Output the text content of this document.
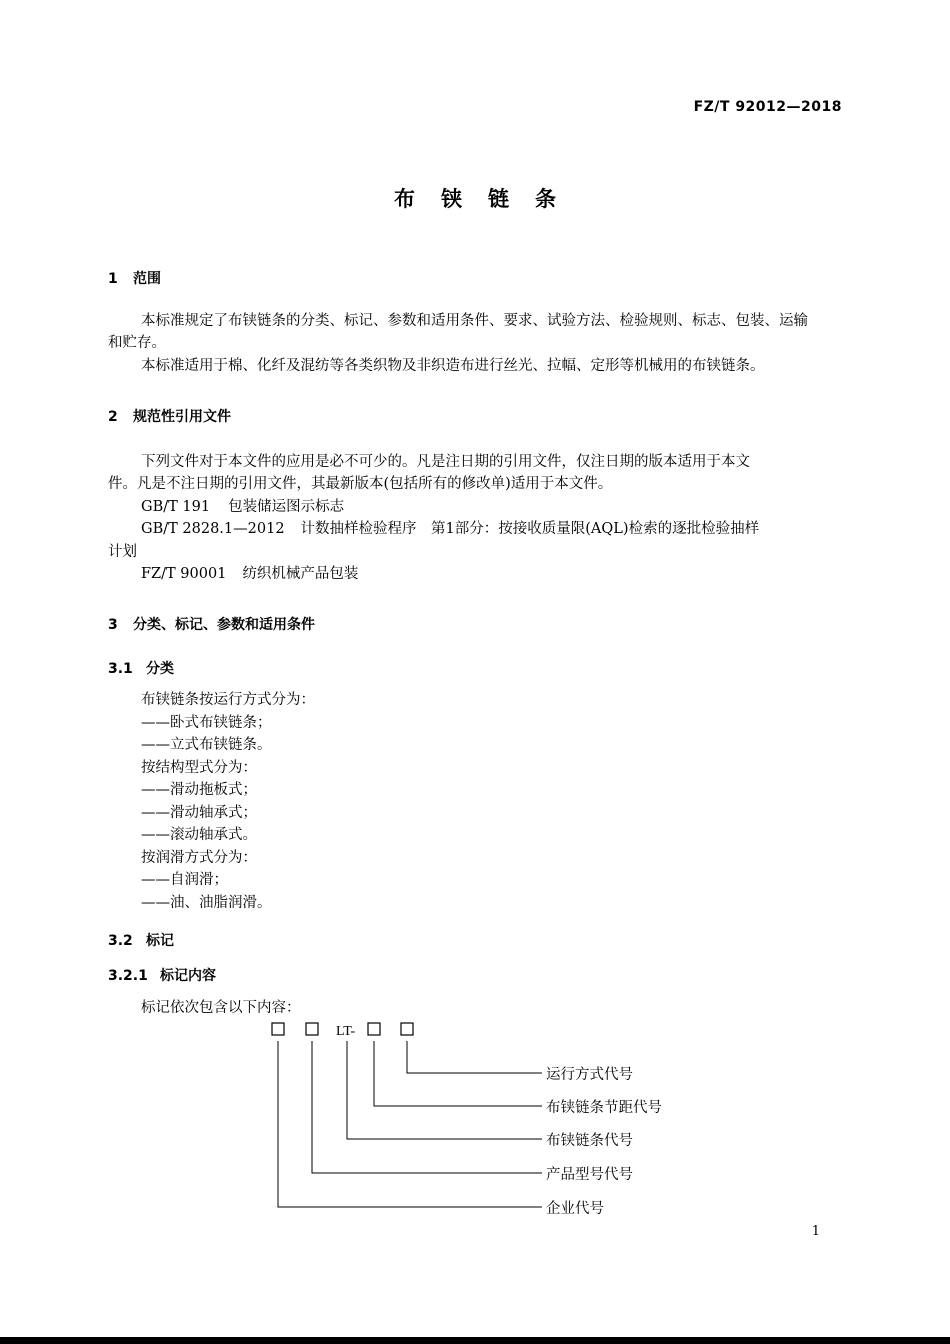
FZ/T 92012—2018
布铗链条
1 范围
本标准规定了布铗链条的分类、标记、参数和适用条件、要求、试验方法、检验规则、标志、包装、运输
和贮存。
本标准适用于棉、化纤及混纺等各类织物及非织造布进行丝光、拉幅、定形等机械用的布铗链条。
2 规范性引用文件
下列文件对于本文件的应用是必不可少的。凡是注日期的引用文件，仅注日期的版本适用于本文
件。凡是不注日期的引用文件，其最新版本(包括所有的修改单)适用于本文件。
GB/T 191 包装储运图示标志
GB/T 2828.1—2012 计数抽样检验程序　第1部分：按接收质量限(AQL)检索的逐批检验抽样
计划
FZ/T 90001 纺织机械产品包装
3 分类、标记、参数和适用条件
3.1 分类
布铗链条按运行方式分为：
——卧式布铗链条；
——立式布铗链条。
按结构型式分为：
——滑动拖板式；
——滑动轴承式；
——滚动轴承式。
按润滑方式分为：
——自润滑；
——油、油脂润滑。
3.2 标记
3.2.1 标记内容
标记依次包含以下内容：
LT-
运行方式代号
布铗链条节距代号
布铗链条代号
产品型号代号
企业代号
1
